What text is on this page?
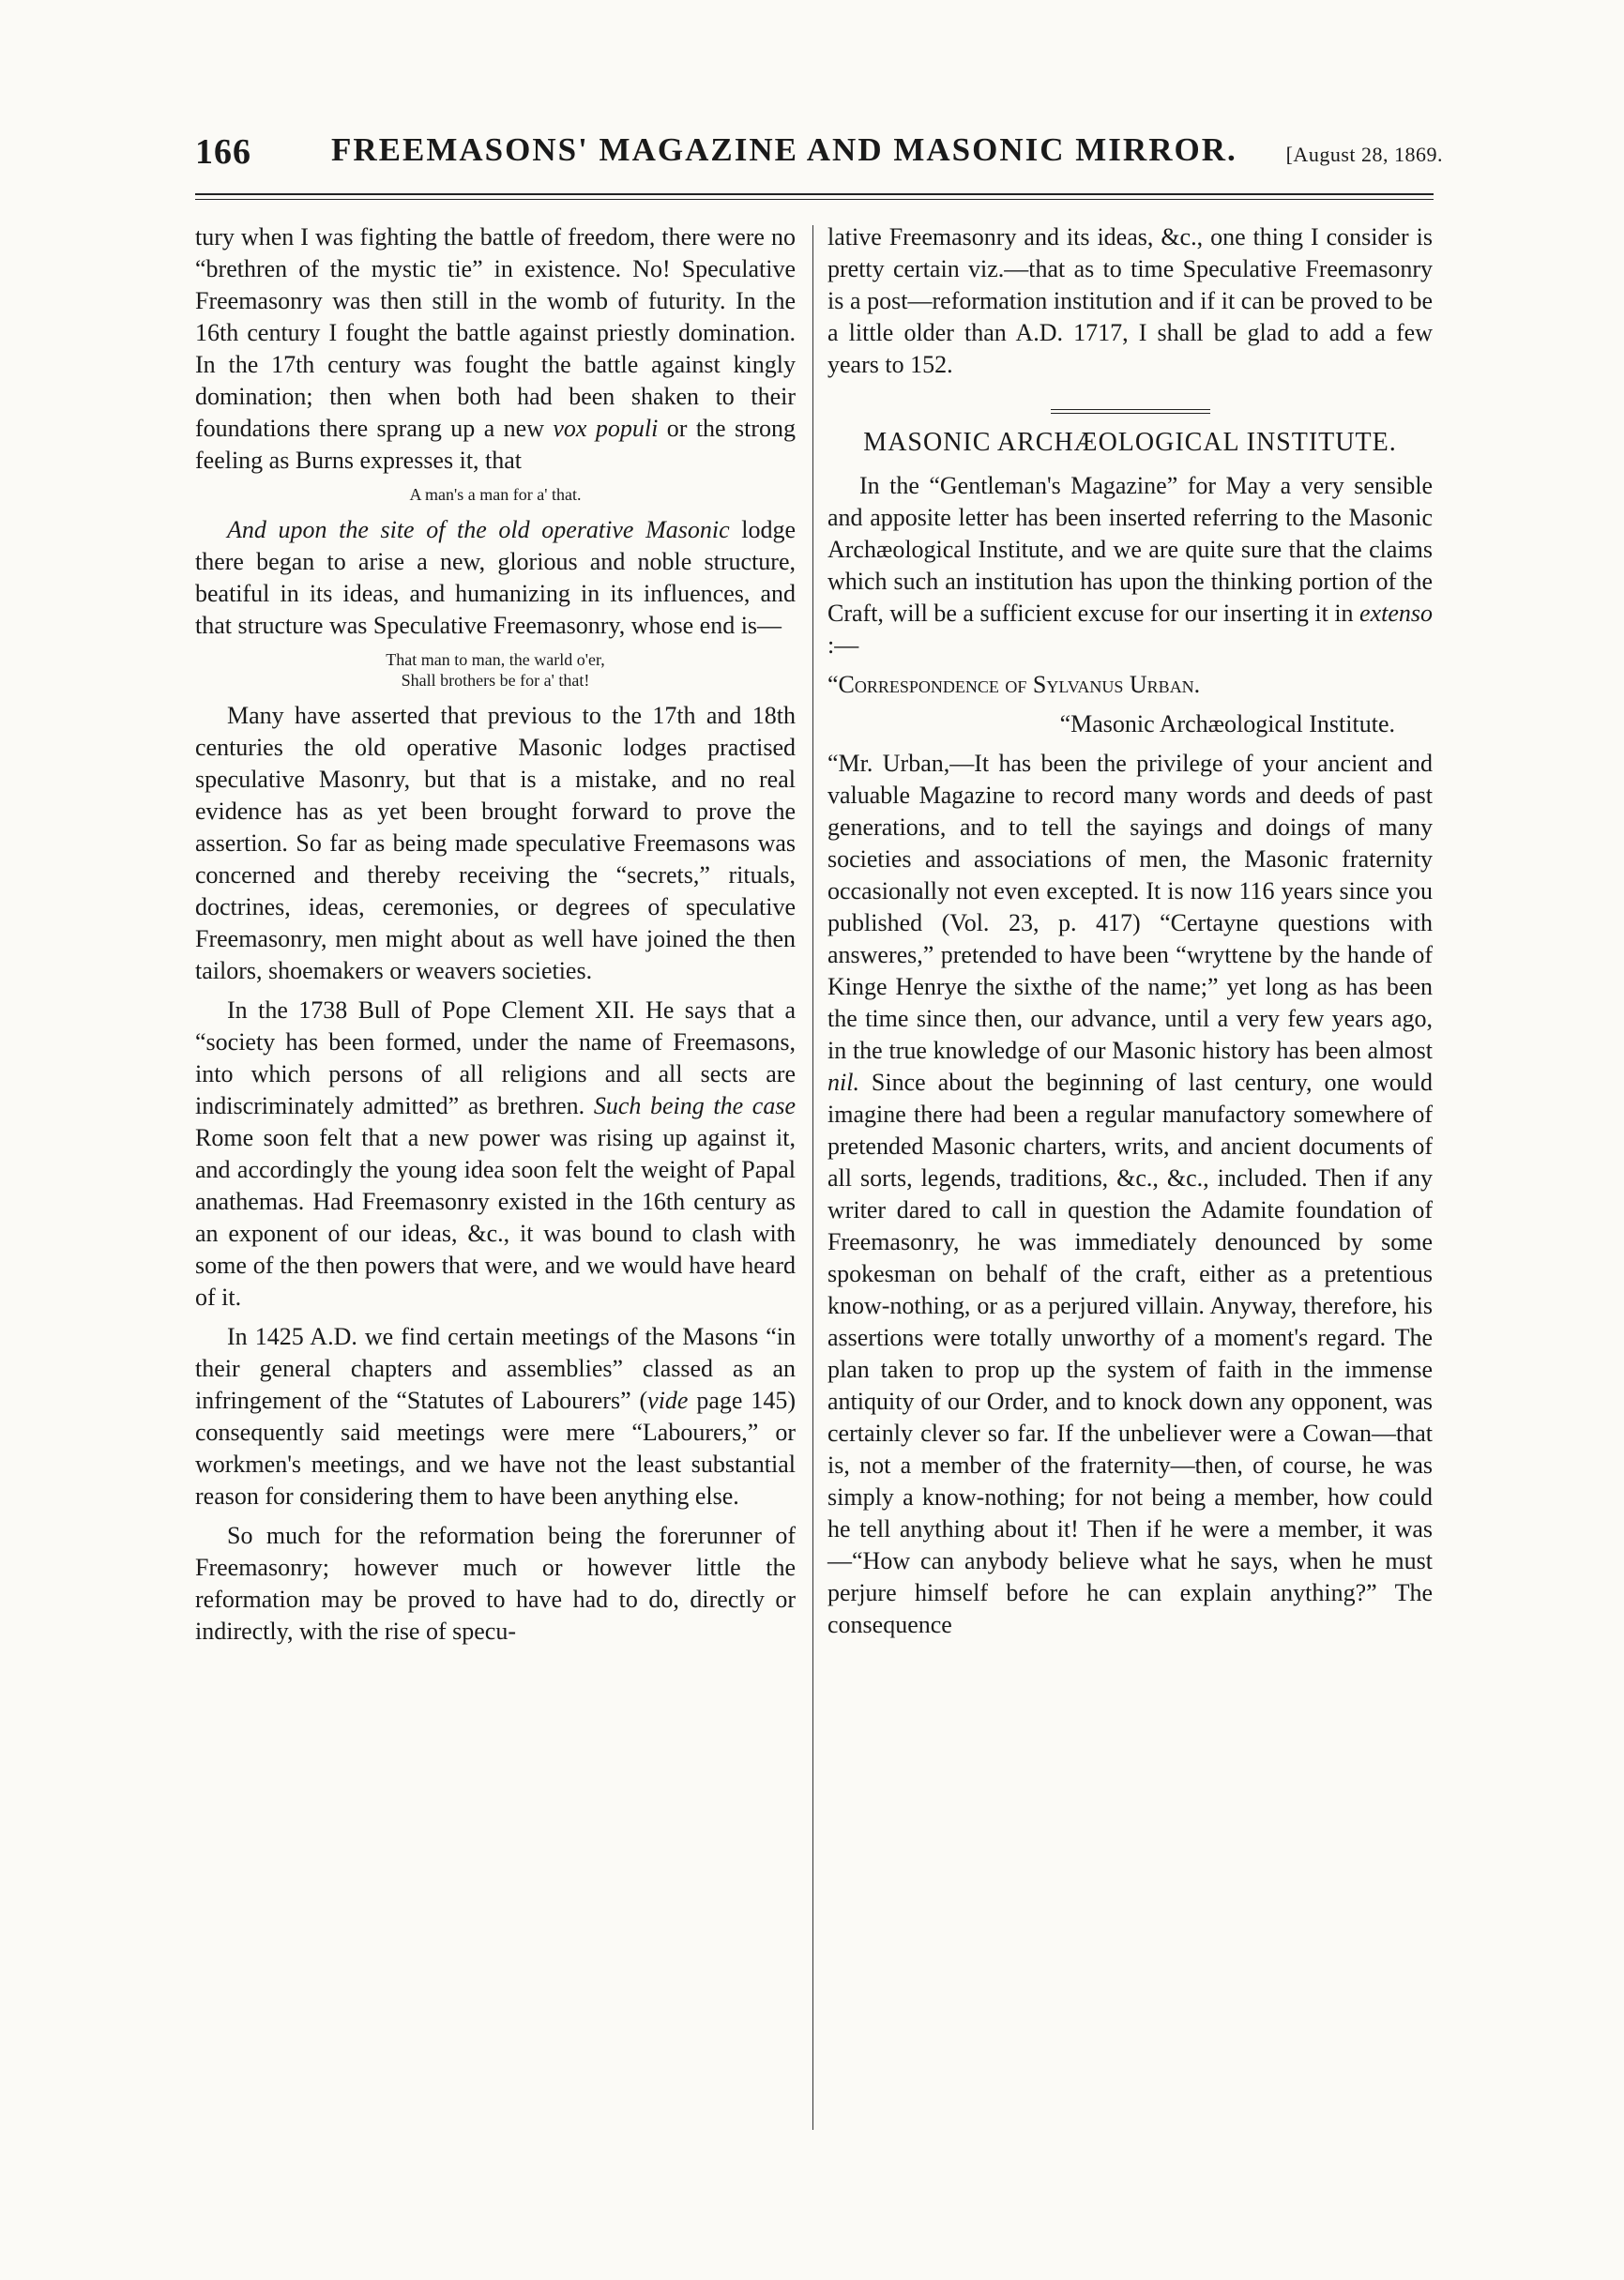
166 FREEMASONS' MAGAZINE AND MASONIC MIRROR. [August 28, 1869.

tury when I was fighting the battle of freedom, there were no “brethren of the mystic tie” in existence. No! Speculative Freemasonry was then still in the womb of futurity. In the 16th century I fought the battle against priestly domination. In the 17th century was fought the battle against kingly domination; then when both had been shaken to their foundations there sprang up a new vox populi or the strong feeling as Burns expresses it, that

A man's a man for a' that.

And upon the site of the old operative Masonic lodge there began to arise a new, glorious and noble structure, beatiful in its ideas, and humanizing in its influences, and that structure was Speculative Freemasonry, whose end is—

That man to man, the warld o'er,
Shall brothers be for a' that!

Many have asserted that previous to the 17th and 18th centuries the old operative Masonic lodges practised speculative Masonry, but that is a mistake, and no real evidence has as yet been brought forward to prove the assertion. So far as being made speculative Freemasons was concerned and thereby receiving the “secrets,” rituals, doctrines, ideas, ceremonies, or degrees of speculative Freemasonry, men might about as well have joined the then tailors, shoemakers or weavers societies.

In the 1738 Bull of Pope Clement XII. He says that a “society has been formed, under the name of Freemasons, into which persons of all religions and all sects are indiscriminately admitted” as brethren. Such being the case Rome soon felt that a new power was rising up against it, and accordingly the young idea soon felt the weight of Papal anathemas. Had Freemasonry existed in the 16th century as an exponent of our ideas, &c., it was bound to clash with some of the then powers that were, and we would have heard of it.

In 1425 A.D. we find certain meetings of the Masons “in their general chapters and assemblies” classed as an infringement of the “Statutes of Labourers” (vide page 145) consequently said meetings were mere “Labourers,” or workmen's meetings, and we have not the least substantial reason for considering them to have been anything else.

So much for the reformation being the forerunner of Freemasonry; however much or however little the reformation may be proved to have had to do, directly or indirectly, with the rise of specu-

lative Freemasonry and its ideas, &c., one thing I consider is pretty certain viz.—that as to time Speculative Freemasonry is a post—reformation institution and if it can be proved to be a little older than A.D. 1717, I shall be glad to add a few years to 152.

MASONIC ARCHÆOLOGICAL INSTITUTE.

In the “Gentleman's Magazine” for May a very sensible and apposite letter has been inserted referring to the Masonic Archæological Institute, and we are quite sure that the claims which such an institution has upon the thinking portion of the Craft, will be a sufficient excuse for our inserting it in extenso :—

“Correspondence of Sylvanus Urban.

“Masonic Archæological Institute.

“Mr. Urban,—It has been the privilege of your ancient and valuable Magazine to record many words and deeds of past generations, and to tell the sayings and doings of many societies and associations of men, the Masonic fraternity occasionally not even excepted. It is now 116 years since you published (Vol. 23, p. 417) “Certayne questions with answeres,” pretended to have been “wryttene by the hande of Kinge Henrye the sixthe of the name;” yet long as has been the time since then, our advance, until a very few years ago, in the true knowledge of our Masonic history has been almost nil. Since about the beginning of last century, one would imagine there had been a regular manufactory somewhere of pretended Masonic charters, writs, and ancient documents of all sorts, legends, traditions, &c., &c., included. Then if any writer dared to call in question the Adamite foundation of Freemasonry, he was immediately denounced by some spokesman on behalf of the craft, either as a pretentious know-nothing, or as a perjured villain. Anyway, therefore, his assertions were totally unworthy of a moment's regard. The plan taken to prop up the system of faith in the immense antiquity of our Order, and to knock down any opponent, was certainly clever so far. If the unbeliever were a Cowan—that is, not a member of the fraternity—then, of course, he was simply a know-nothing; for not being a member, how could he tell anything about it! Then if he were a member, it was—“How can anybody believe what he says, when he must perjure himself before he can explain anything?” The consequence
